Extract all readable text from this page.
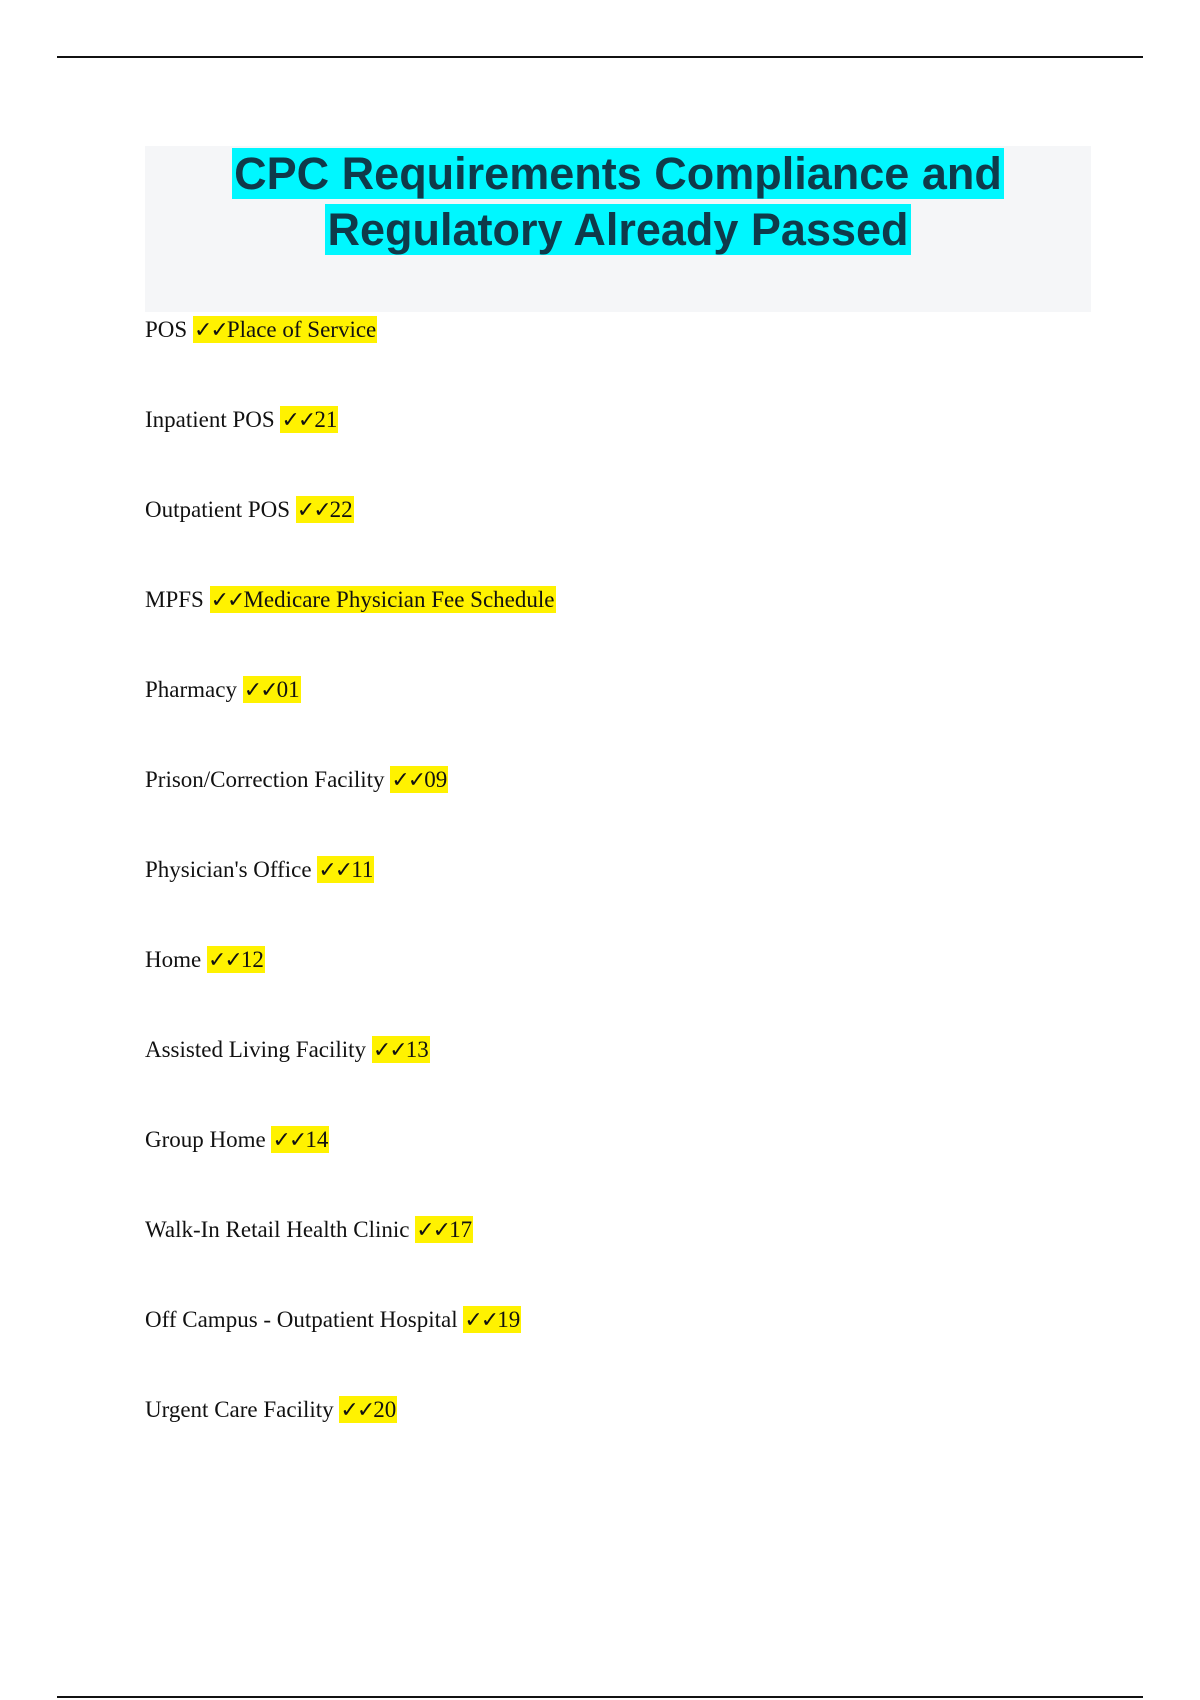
CPC Requirements Compliance and
Regulatory Already Passed
POS ✓✓Place of Service
Inpatient POS ✓✓21
Outpatient POS ✓✓22
MPFS ✓✓Medicare Physician Fee Schedule
Pharmacy ✓✓01
Prison/Correction Facility ✓✓09
Physician's Office ✓✓11
Home ✓✓12
Assisted Living Facility ✓✓13
Group Home ✓✓14
Walk-In Retail Health Clinic ✓✓17
Off Campus - Outpatient Hospital ✓✓19
Urgent Care Facility ✓✓20
